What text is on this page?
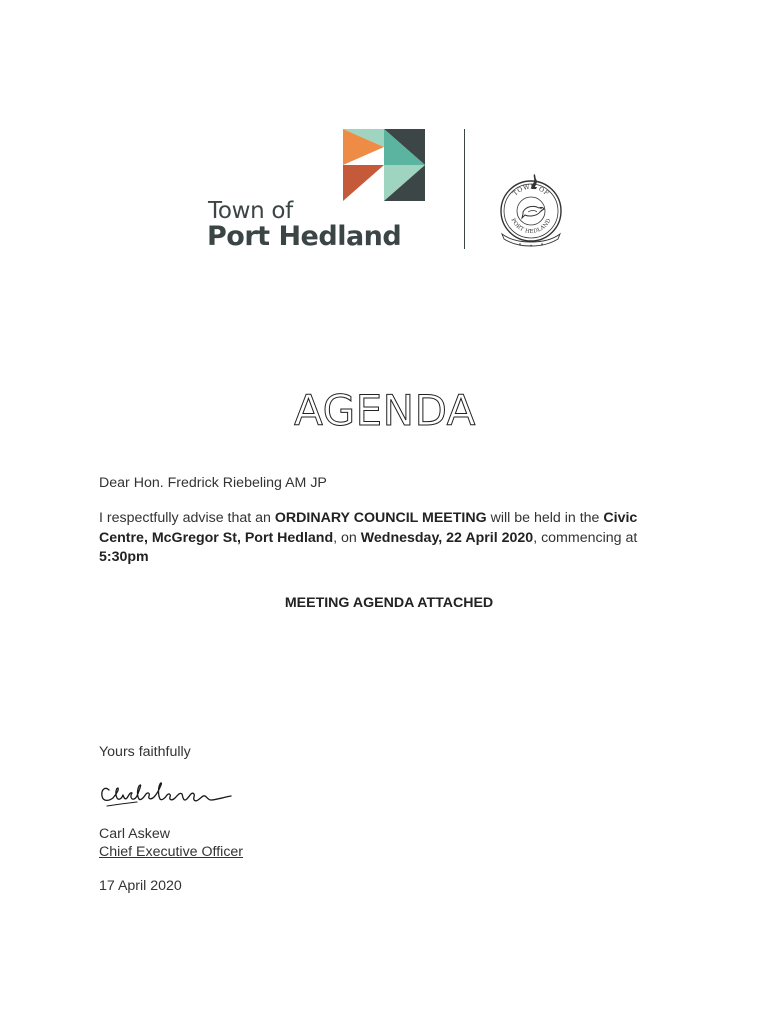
Town of
Port Hedland
TOWN OF
PORT HEDLAND
AGENDA
Dear Hon. Fredrick Riebeling AM JP
I respectfully advise that an ORDINARY COUNCIL MEETING will be held in the Civic Centre, McGregor St, Port Hedland, on Wednesday, 22 April 2020, commencing at 5:30pm
MEETING AGENDA ATTACHED
Yours faithfully
Carl Askew
Chief Executive Officer
17 April 2020
